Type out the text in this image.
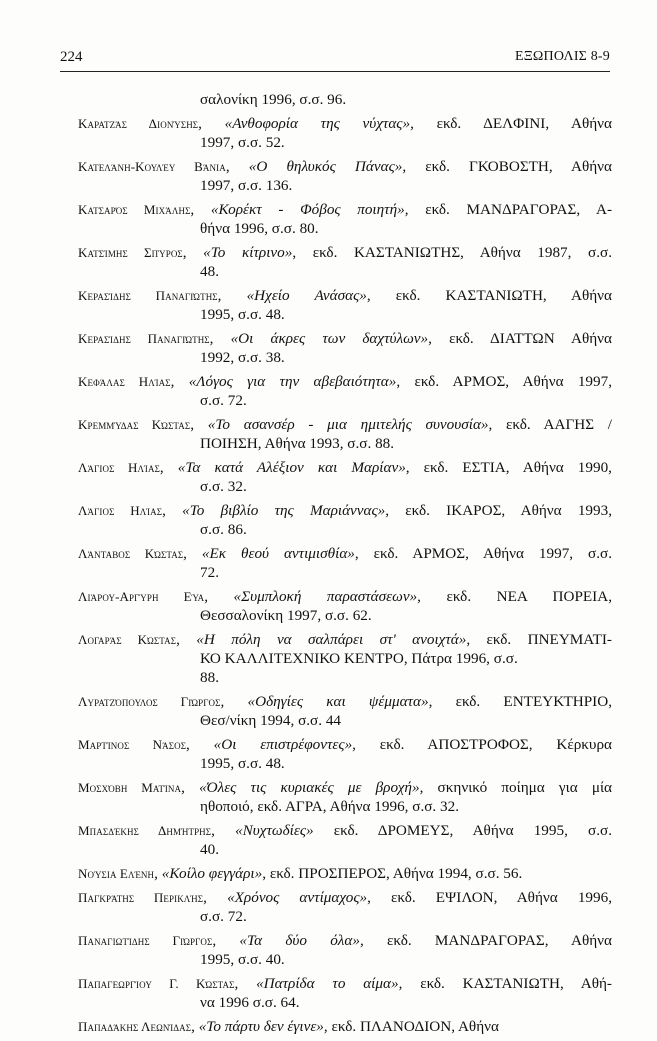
224	ΕΞΩΠΟΛΙΣ 8-9
σαλονίκη 1996, σ.σ. 96.
Καρατζάς Διονύσης, «Ανθοφορία της νύχτας», εκδ. ΔΕΛΦΙΝΙ, Αθήνα
1997, σ.σ. 52.
Κατελάνη-Κουλέυ Βάνια, «Ο θηλυκός Πάνας», εκδ. ΓΚΟΒΟΣΤΗ, Αθήνα
1997, σ.σ. 136.
Κατσαρός Μιχάλης, «Κορέκτ - Φόβος ποιητή», εκδ. ΜΑΝΔΡΑΓΟΡΑΣ, Α-
θήνα 1996, σ.σ. 80.
Κατσίμης Σπύρος, «Το κίτρινο», εκδ. ΚΑΣΤΑΝΙΩΤΗΣ, Αθήνα 1987, σ.σ.
48.
Κερασίδης Παναγιώτης, «Ηχείο Ανάσας», εκδ. ΚΑΣΤΑΝΙΩΤΗ, Αθήνα
1995, σ.σ. 48.
Κερασίδης Παναγιώτης, «Οι άκρες των δαχτύλων», εκδ. ΔΙΑΤΤΩΝ Αθήνα
1992, σ.σ. 38.
Κεφάλας Ηλίας, «Λόγος για την αβεβαιότητα», εκδ. ΑΡΜΟΣ, Αθήνα 1997,
σ.σ. 72.
Κρεμμύδας Κώστας, «Το ασανσέρ - μια ημιτελής συνουσία», εκδ. ΑΑΓΗΣ /
ΠΟΙΗΣΗ, Αθήνα 1993, σ.σ. 88.
Λάγιος Ηλίας, «Τα κατά Αλέξιον και Μαρίαν», εκδ. ΕΣΤΙΑ, Αθήνα 1990,
σ.σ. 32.
Λάγιος Ηλίας, «Το βιβλίο της Μαριάννας», εκδ. ΙΚΑΡΟΣ, Αθήνα 1993,
σ.σ. 86.
Λάνταβος Κώστας, «Εκ θεού αντιμισθία», εκδ. ΑΡΜΟΣ, Αθήνα 1997, σ.σ.
72.
Λιάρου-Αργύρη Εύα, «Συμπλοκή παραστάσεων», εκδ. ΝΕΑ ΠΟΡΕΙΑ,
Θεσσαλονίκη 1997, σ.σ. 62.
Λογαράς Κώστας, «Η πόλη να σαλπάρει στ' ανοιχτά», εκδ. ΠΝΕΥΜΑΤΙ-
ΚΟ ΚΑΛΛΙΤΕΧΝΙΚΟ ΚΕΝΤΡΟ, Πάτρα 1996, σ.σ.
88.
Λυρατζόπουλος Γιώργος, «Οδηγίες και ψέμματα», εκδ. ΕΝΤΕΥΚΤΗΡΙΟ,
Θεσ/νίκη 1994, σ.σ. 44
Μαρτίνος Νάσος, «Οι επιστρέφοντες», εκδ. ΑΠΟΣΤΡΟΦΟΣ, Κέρκυρα
1995, σ.σ. 48.
Μοσχόβη Ματίνα, «Όλες τις κυριακές με βροχή», σκηνικό ποίημα για μία
ηθοποιό, εκδ. ΑΓΡΑ, Αθήνα 1996, σ.σ. 32.
Μπασδέκης Δημήτρης, «Νυχτωδίες» εκδ. ΔΡΟΜΕΥΣ, Αθήνα 1995, σ.σ.
40.
Νούσια Ελένη, «Κοίλο φεγγάρι», εκδ. ΠΡΟΣΠΕΡΟΣ, Αθήνα 1994, σ.σ. 56.
Παγκράτης Περικλής, «Χρόνος αντίμαχος», εκδ. ΕΨΙΛΟΝ, Αθήνα 1996,
σ.σ. 72.
Παναγιωτίδης Γιώργος, «Τα δύο όλα», εκδ. ΜΑΝΔΡΑΓΟΡΑΣ, Αθήνα
1995, σ.σ. 40.
Παπαγεωργίου Γ. Κώστας, «Πατρίδα το αίμα», εκδ. ΚΑΣΤΑΝΙΩΤΗ, Αθή-
να 1996 σ.σ. 64.
Παπαδάκης Λεωνίδας, «Το πάρτυ δεν έγινε», εκδ. ΠΛΑΝΟΔΙΟΝ, Αθήνα
